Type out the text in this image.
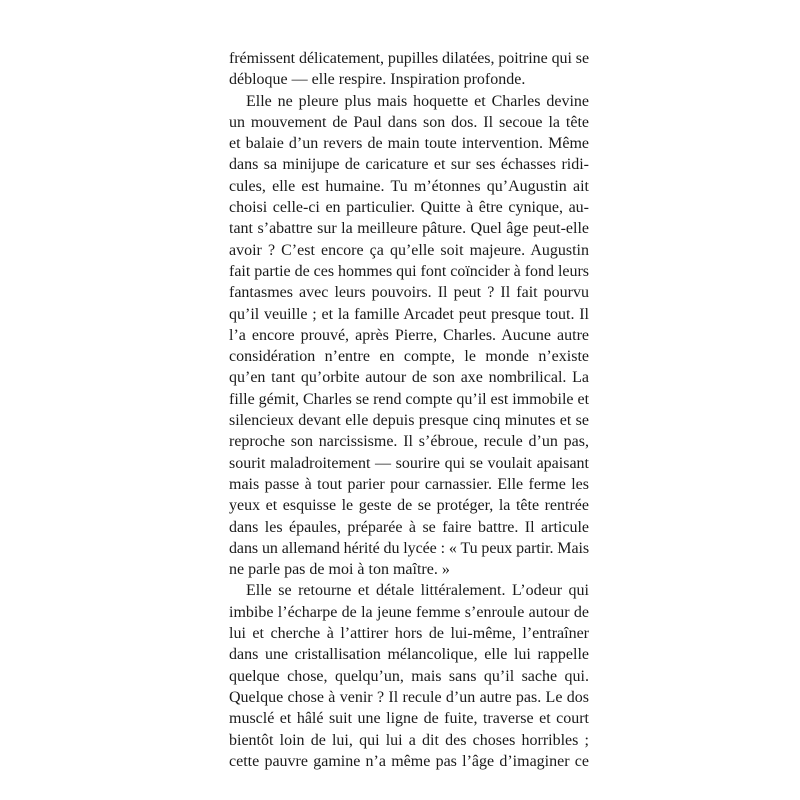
frémissent délicatement, pupilles dilatées, poitrine qui se
débloque — elle respire. Inspiration profonde.
Elle ne pleure plus mais hoquette et Charles devine
un mouvement de Paul dans son dos. Il secoue la tête
et balaie d’un revers de main toute intervention. Même
dans sa minijupe de caricature et sur ses échasses ridi-
cules, elle est humaine. Tu m’étonnes qu’Augustin ait
choisi celle-ci en particulier. Quitte à être cynique, au-
tant s’abattre sur la meilleure pâture. Quel âge peut-elle
avoir ? C’est encore ça qu’elle soit majeure. Augustin
fait partie de ces hommes qui font coïncider à fond leurs
fantasmes avec leurs pouvoirs. Il peut ? Il fait pourvu
qu’il veuille ; et la famille Arcadet peut presque tout. Il
l’a encore prouvé, après Pierre, Charles. Aucune autre
considération n’entre en compte, le monde n’existe
qu’en tant qu’orbite autour de son axe nombrilical. La
fille gémit, Charles se rend compte qu’il est immobile et
silencieux devant elle depuis presque cinq minutes et se
reproche son narcissisme. Il s’ébroue, recule d’un pas,
sourit maladroitement — sourire qui se voulait apaisant
mais passe à tout parier pour carnassier. Elle ferme les
yeux et esquisse le geste de se protéger, la tête rentrée
dans les épaules, préparée à se faire battre. Il articule
dans un allemand hérité du lycée : « Tu peux partir. Mais
ne parle pas de moi à ton maître. »
Elle se retourne et détale littéralement. L’odeur qui
imbibe l’écharpe de la jeune femme s’enroule autour de
lui et cherche à l’attirer hors de lui-même, l’entraîner
dans une cristallisation mélancolique, elle lui rappelle
quelque chose, quelqu’un, mais sans qu’il sache qui.
Quelque chose à venir ? Il recule d’un autre pas. Le dos
musclé et hâlé suit une ligne de fuite, traverse et court
bientôt loin de lui, qui lui a dit des choses horribles ;
cette pauvre gamine n’a même pas l’âge d’imaginer ce
